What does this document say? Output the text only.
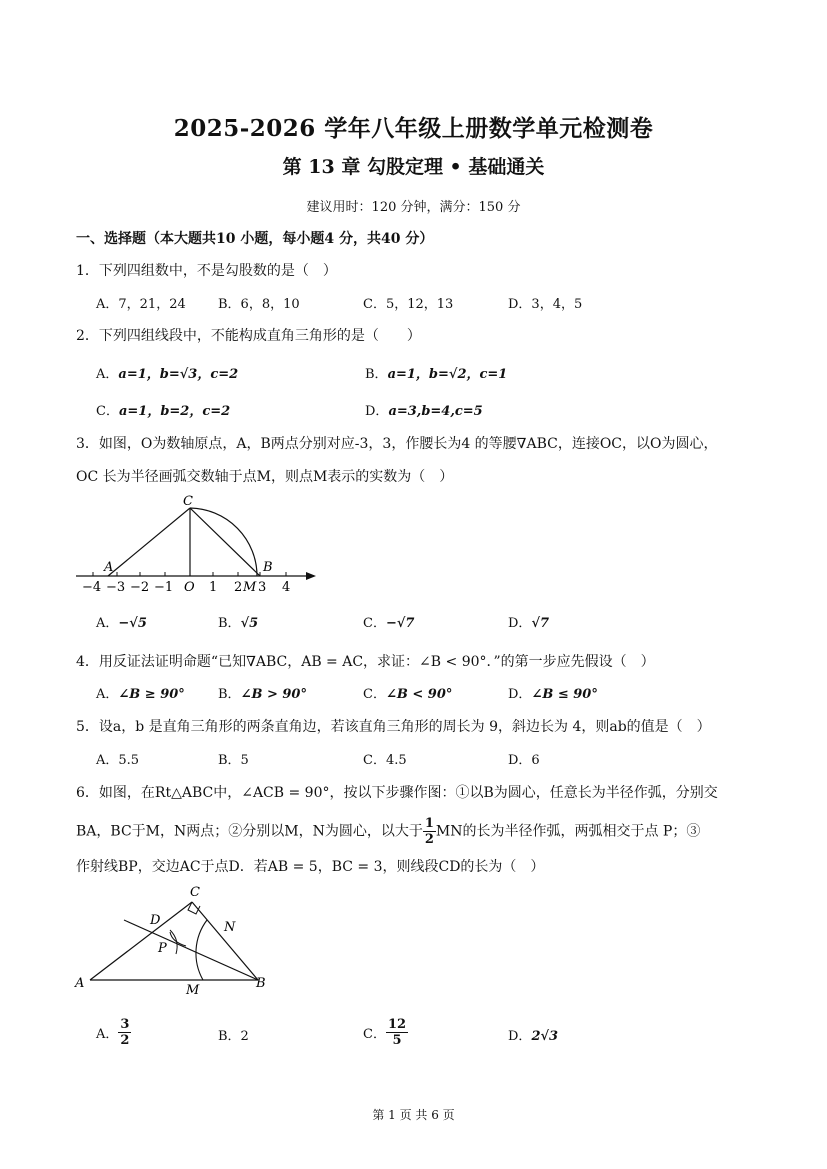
2025-2026 学年八年级上册数学单元检测卷
第 13 章 勾股定理 • 基础通关
建议用时：120 分钟，满分：150 分
一、选择题（本大题共10 小题，每小题4 分，共40 分）
1．下列四组数中，不是勾股数的是（　）
A．7，21，24 B．6，8，10	C．5，12，13	D．3，4，5
2．下列四组线段中，不能构成直角三角形的是（　　）
A．a=1，b=√3，c=2	B．a=1，b=√2，c=1
C．a=1，b=2，c=2	D．a=3,b=4,c=5
3．如图，O为数轴原点，A，B两点分别对应-3，3，作腰长为4 的等腰∇ABC，连接OC，以O为圆心，
OC 长为半径画弧交数轴于点M，则点M表示的实数为（　）
C
A	B
−4 −3 −2 −1 O 1 2 M 3 4
A．−√5	B．√5	C．−√7	D．√7
4．用反证法证明命题“已知∇ABC，AB = AC，求证：∠B < 90°．”的第一步应先假设（　）
A．∠B ≥ 90°	B．∠B > 90°	C．∠B < 90°	D．∠B ≤ 90°
5．设a，b 是直角三角形的两条直角边，若该直角三角形的周长为 9，斜边长为 4，则ab的值是（　）
A．5.5	B．5	C．4.5	D．6
6．如图，在Rt△ABC中，∠ACB = 90°，按以下步骤作图：①以B为圆心，任意长为半径作弧，分别交
BA，BC于M，N两点；②分别以M，N为圆心，以大于 $\frac{1}{2}$ MN的长为半径作弧，两弧相交于点 P；③
作射线BP，交边AC于点D．若AB = 5，BC = 3，则线段CD的长为（　）
C
D	N
P
A	M	B
A． $\frac{3}{2}$	B．2	C． $\frac{12}{5}$	D．2√3
第 1 页 共 6 页
